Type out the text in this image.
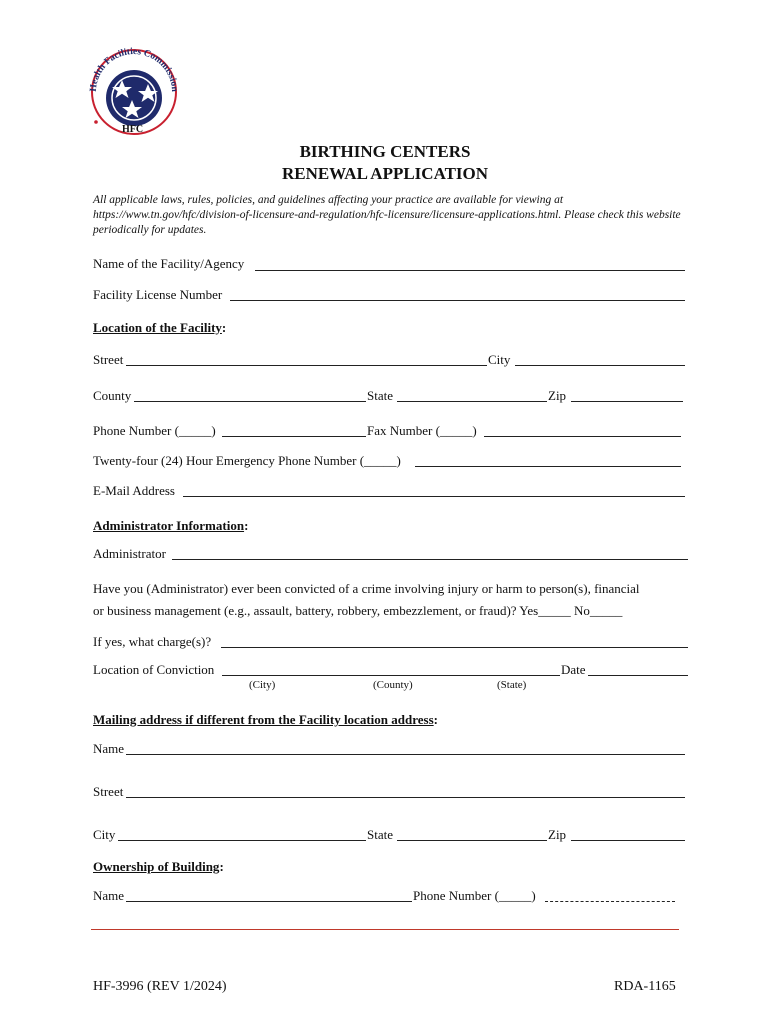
Health Facilities Commission
HFC
BIRTHING CENTERS
RENEWAL APPLICATION
All applicable laws, rules, policies, and guidelines affecting your practice are available for viewing at https://www.tn.gov/hfc/division-of-licensure-and-regulation/hfc-licensure/licensure-applications.html. Please check this website periodically for updates.
Name of the Facility/Agency
Facility License Number
Location of the Facility:
Street	City
County	State	Zip
Phone Number (_____)	Fax Number (_____)
Twenty-four (24) Hour Emergency Phone Number (_____)
E-Mail Address
Administrator Information:
Administrator
Have you (Administrator) ever been convicted of a crime involving injury or harm to person(s), financial
or business management (e.g., assault, battery, robbery, embezzlement, or fraud)? Yes_____ No_____
If yes, what charge(s)?
Location of Conviction	Date
(City)	(County)	(State)
Mailing address if different from the Facility location address:
Name
Street
City	State	Zip
Ownership of Building:
Name	Phone Number (_____)
HF-3996 (REV 1/2024)	RDA-1165
